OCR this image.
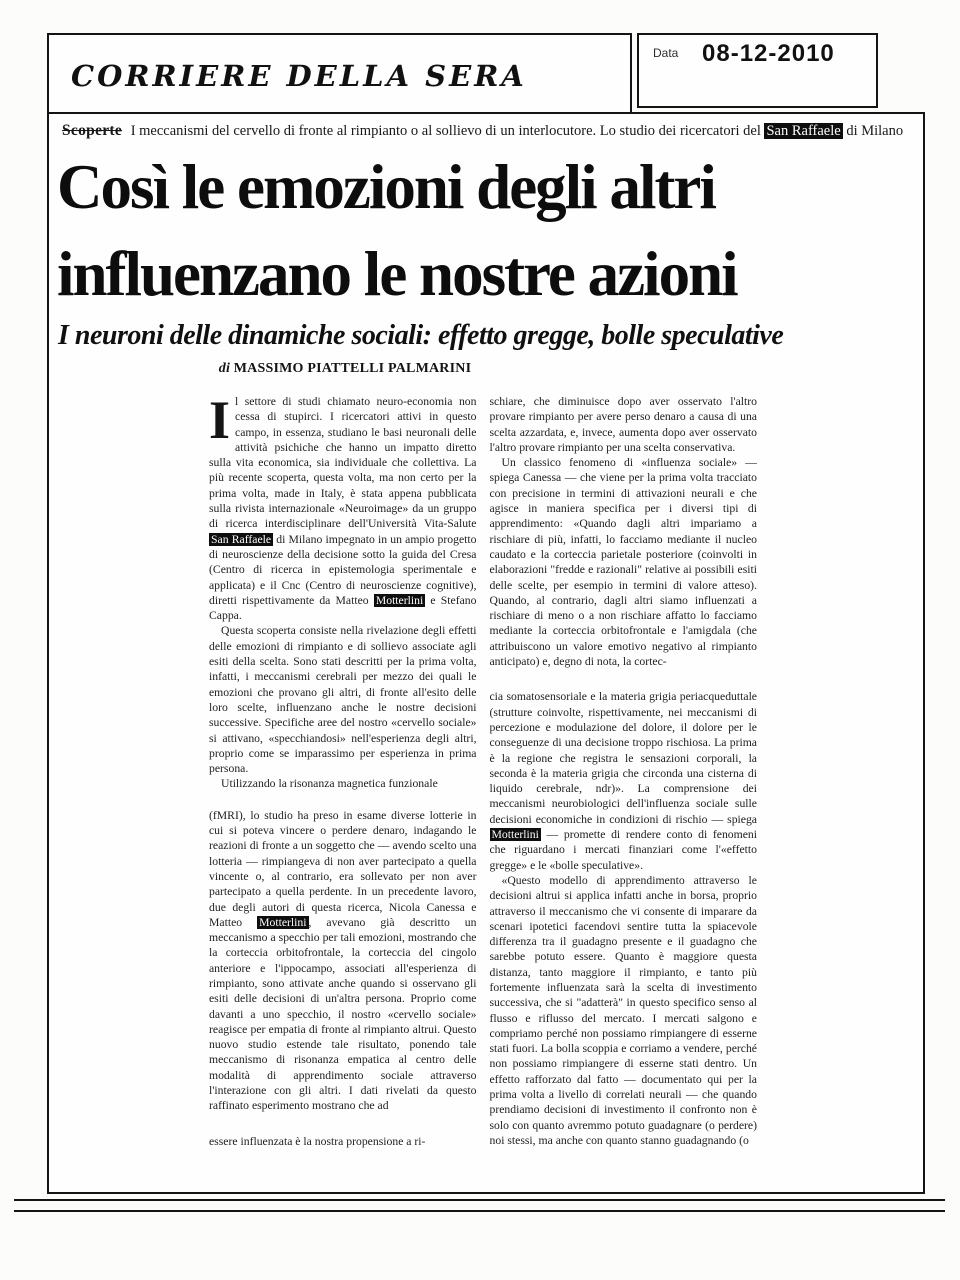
CORRIERE DELLA SERA
Data 08-12-2010
Scoperte I meccanismi del cervello di fronte al rimpianto o al sollievo di un interlocutore. Lo studio dei ricercatori del San Raffaele di Milano
Così le emozioni degli altri
influenzano le nostre azioni
I neuroni delle dinamiche sociali: effetto gregge, bolle speculative
di MASSIMO PIATTELLI PALMARINI

Il settore di studi chiamato neuro-economia non cessa di stupirci. I ricercatori attivi in questo campo, in essenza, studiano le basi neuronali delle attività psichiche che hanno un impatto diretto sulla vita economica, sia individuale che collettiva. La più recente scoperta, questa volta, ma non certo per la prima volta, made in Italy, è stata appena pubblicata sulla rivista internazionale «Neuroimage» da un gruppo di ricerca interdisciplinare dell'Università Vita-Salute San Raffaele di Milano impegnato in un ampio progetto di neuroscienze della decisione sotto la guida del Cresa (Centro di ricerca in epistemologia sperimentale e applicata) e il Cnc (Centro di neuroscienze cognitive), diretti rispettivamente da Matteo Motterlini e Stefano Cappa.

Questa scoperta consiste nella rivelazione degli effetti delle emozioni di rimpianto e di sollievo associate agli esiti della scelta. Sono stati descritti per la prima volta, infatti, i meccanismi cerebrali per mezzo dei quali le emozioni che provano gli altri, di fronte all'esito delle loro scelte, influenzano anche le nostre decisioni successive. Specifiche aree del nostro «cervello sociale» si attivano, «specchiandosi» nell'esperienza degli altri, proprio come se imparassimo per esperienza in prima persona.

Utilizzando la risonanza magnetica funzionale

(fMRI), lo studio ha preso in esame diverse lotterie in cui si poteva vincere o perdere denaro, indagando le reazioni di fronte a un soggetto che — avendo scelto una lotteria — rimpiangeva di non aver partecipato a quella vincente o, al contrario, era sollevato per non aver partecipato a quella perdente. In un precedente lavoro, due degli autori di questa ricerca, Nicola Canessa e Matteo Motterlini , avevano già descritto un meccanismo a specchio per tali emozioni, mostrando che la corteccia orbitofrontale, la corteccia del cingolo anteriore e l'ippocampo, associati all'esperienza di rimpianto, sono attivate anche quando si osservano gli esiti delle decisioni di un'altra persona. Proprio come davanti a uno specchio, il nostro «cervello sociale» reagisce per empatia di fronte al rimpianto altrui. Questo nuovo studio estende tale risultato, ponendo tale meccanismo di risonanza empatica al centro delle modalità di apprendimento sociale attraverso l'interazione con gli altri. I dati rivelati da questo raffinato esperimento mostrano che ad

essere influenzata è la nostra propensione a ri-

schiare, che diminuisce dopo aver osservato l'altro provare rimpianto per avere perso denaro a causa di una scelta azzardata, e, invece, aumenta dopo aver osservato l'altro provare rimpianto per una scelta conservativa.

Un classico fenomeno di «influenza sociale» — spiega Canessa — che viene per la prima volta tracciato con precisione in termini di attivazioni neurali e che agisce in maniera specifica per i diversi tipi di apprendimento: «Quando dagli altri impariamo a rischiare di più, infatti, lo facciamo mediante il nucleo caudato e la corteccia parietale posteriore (coinvolti in elaborazioni "fredde e razionali" relative ai possibili esiti delle scelte, per esempio in termini di valore atteso). Quando, al contrario, dagli altri siamo influenzati a rischiare di meno o a non rischiare affatto lo facciamo mediante la corteccia orbitofrontale e l'amigdala (che attribuiscono un valore emotivo negativo al rimpianto anticipato) e, degno di nota, la cortec-

cia somatosensoriale e la materia grigia periacqueduttale (strutture coinvolte, rispettivamente, nei meccanismi di percezione e modulazione del dolore, il dolore per le conseguenze di una decisione troppo rischiosa. La prima è la regione che registra le sensazioni corporali, la seconda è la materia grigia che circonda una cisterna di liquido cerebrale, ndr)». La comprensione dei meccanismi neurobiologici dell'influenza sociale sulle decisioni economiche in condizioni di rischio — spiega Motterlini — promette di rendere conto di fenomeni che riguardano i mercati finanziari come l'«effetto gregge» e le «bolle speculative».

«Questo modello di apprendimento attraverso le decisioni altrui si applica infatti anche in borsa, proprio attraverso il meccanismo che vi consente di imparare da scenari ipotetici facendovi sentire tutta la spiacevole differenza tra il guadagno presente e il guadagno che sarebbe potuto essere. Quanto è maggiore questa distanza, tanto maggiore il rimpianto, e tanto più fortemente influenzata sarà la scelta di investimento successiva, che si "adatterà" in questo specifico senso al flusso e riflusso del mercato. I mercati salgono e compriamo perché non possiamo rimpiangere di esserne stati fuori. La bolla scoppia e corriamo a vendere, perché non possiamo rimpiangere di esserne stati dentro. Un effetto rafforzato dal fatto — documentato qui per la prima volta a livello di correlati neurali — che quando prendiamo decisioni di investimento il confronto non è solo con quanto avremmo potuto guadagnare (o perdere) noi stessi, ma anche con quanto stanno guadagnando (o
